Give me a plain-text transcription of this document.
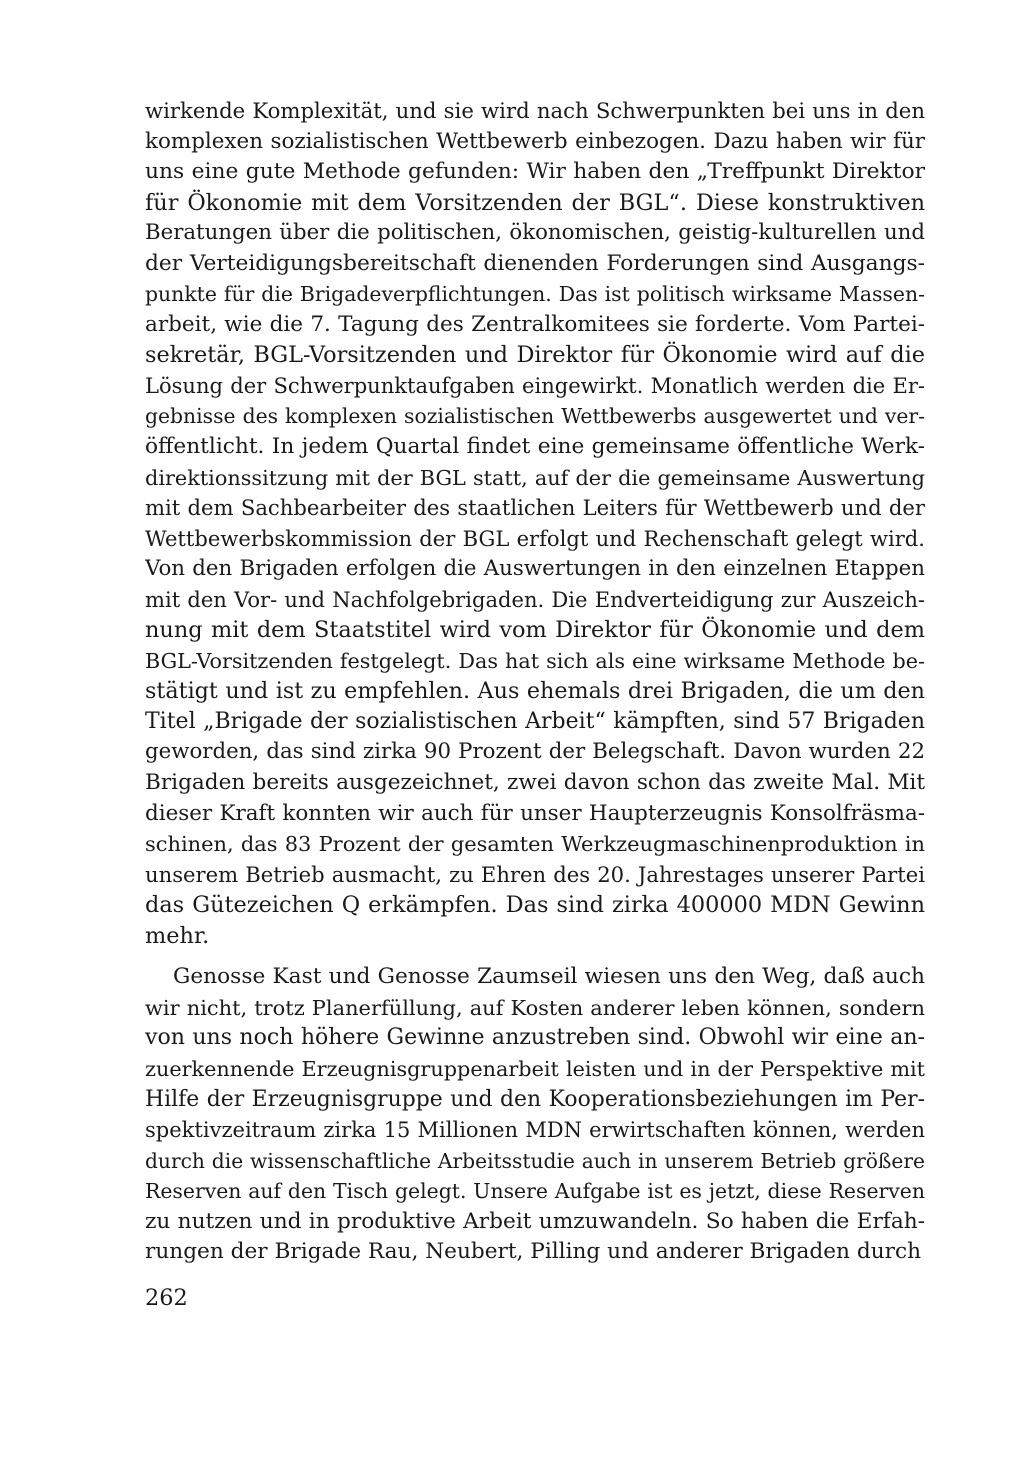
wirkende Komplexität, und sie wird nach Schwerpunkten bei uns in den
komplexen sozialistischen Wettbewerb einbezogen. Dazu haben wir für
uns eine gute Methode gefunden: Wir haben den „Treffpunkt Direktor
für Ökonomie mit dem Vorsitzenden der BGL“. Diese konstruktiven
Beratungen über die politischen, ökonomischen, geistig-kulturellen und
der Verteidigungsbereitschaft dienenden Forderungen sind Ausgangs-
punkte für die Brigadeverpflichtungen. Das ist politisch wirksame Massen-
arbeit, wie die 7. Tagung des Zentralkomitees sie forderte. Vom Partei-
sekretär, BGL-Vorsitzenden und Direktor für Ökonomie wird auf die
Lösung der Schwerpunktaufgaben eingewirkt. Monatlich werden die Er-
gebnisse des komplexen sozialistischen Wettbewerbs ausgewertet und ver-
öffentlicht. In jedem Quartal findet eine gemeinsame öffentliche Werk-
direktionssitzung mit der BGL statt, auf der die gemeinsame Auswertung
mit dem Sachbearbeiter des staatlichen Leiters für Wettbewerb und der
Wettbewerbskommission der BGL erfolgt und Rechenschaft gelegt wird.
Von den Brigaden erfolgen die Auswertungen in den einzelnen Etappen
mit den Vor- und Nachfolgebrigaden. Die Endverteidigung zur Auszeich-
nung mit dem Staatstitel wird vom Direktor für Ökonomie und dem
BGL-Vorsitzenden festgelegt. Das hat sich als eine wirksame Methode be-
stätigt und ist zu empfehlen. Aus ehemals drei Brigaden, die um den
Titel „Brigade der sozialistischen Arbeit“ kämpften, sind 57 Brigaden
geworden, das sind zirka 90 Prozent der Belegschaft. Davon wurden 22
Brigaden bereits ausgezeichnet, zwei davon schon das zweite Mal. Mit
dieser Kraft konnten wir auch für unser Haupterzeugnis Konsolfräsma-
schinen, das 83 Prozent der gesamten Werkzeugmaschinenproduktion in
unserem Betrieb ausmacht, zu Ehren des 20. Jahrestages unserer Partei
das Gütezeichen Q erkämpfen. Das sind zirka 400000 MDN Gewinn
mehr.
Genosse Kast und Genosse Zaumseil wiesen uns den Weg, daß auch
wir nicht, trotz Planerfüllung, auf Kosten anderer leben können, sondern
von uns noch höhere Gewinne anzustreben sind. Obwohl wir eine an-
zuerkennende Erzeugnisgruppenarbeit leisten und in der Perspektive mit
Hilfe der Erzeugnisgruppe und den Kooperationsbeziehungen im Per-
spektivzeitraum zirka 15 Millionen MDN erwirtschaften können, werden
durch die wissenschaftliche Arbeitsstudie auch in unserem Betrieb größere
Reserven auf den Tisch gelegt. Unsere Aufgabe ist es jetzt, diese Reserven
zu nutzen und in produktive Arbeit umzuwandeln. So haben die Erfah-
rungen der Brigade Rau, Neubert, Pilling und anderer Brigaden durch
262
